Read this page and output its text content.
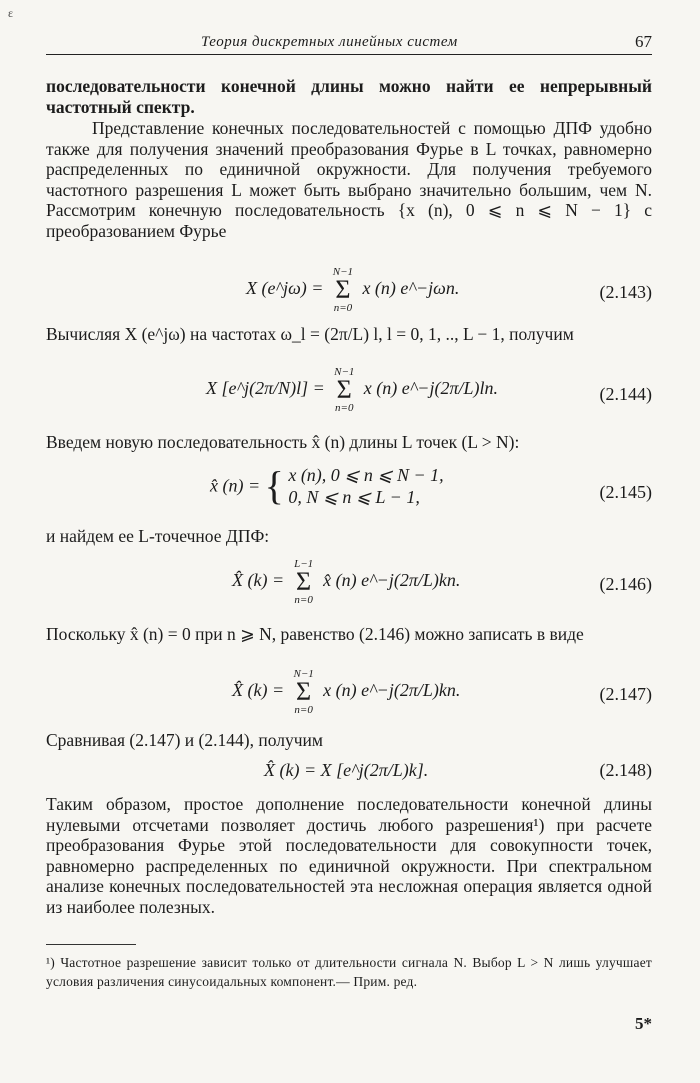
ε
Теория дискретных линейных систем	67
последовательности конечной длины можно найти ее непрерывный частотный спектр.
Представление конечных последовательностей с помощью ДПФ удобно также для получения значений преобразования Фурье в L точках, равномерно распределенных по единичной окружности. Для получения требуемого частотного разрешения L может быть выбрано значительно большим, чем N. Рассмотрим конечную последовательность {x (n), 0 ⩽ n ⩽ N − 1} с преобразованием Фурье
X (e^jω) =
N−1
Σ
n=0
x (n) e^−jωn.	(2.143)
Вычисляя X (e^jω) на частотах ω_l = (2π/L) l, l = 0, 1, .., L − 1, получим
X [e^j(2π/N)l] =
N−1
Σ
n=0
x (n) e^−j(2π/L)ln.	(2.144)
Введем новую последовательность x̂ (n) длины L точек (L > N):
x̂ (n) = { x (n), 0 ⩽ n ⩽ N − 1,
0, N ⩽ n ⩽ L − 1,	(2.145)
и найдем ее L-точечное ДПФ:
X̂ (k) =
L−1
Σ
n=0
x̂ (n) e^−j(2π/L)kn.	(2.146)
Поскольку x̂ (n) = 0 при n ⩾ N, равенство (2.146) можно записать в виде
X̂ (k) =
N−1
Σ
n=0
x (n) e^−j(2π/L)kn.	(2.147)
Сравнивая (2.147) и (2.144), получим
X̂ (k) = X [e^j(2π/L)k].	(2.148)
Таким образом, простое дополнение последовательности конечной длины нулевыми отсчетами позволяет достичь любого разрешения¹) при расчете преобразования Фурье этой последовательности для совокупности точек, равномерно распределенных по единичной окружности. При спектральном анализе конечных последовательностей эта несложная операция является одной из наиболее полезных.
¹) Частотное разрешение зависит только от длительности сигнала N. Выбор L > N лишь улучшает условия различения синусоидальных компонент.— Прим. ред.
5*
